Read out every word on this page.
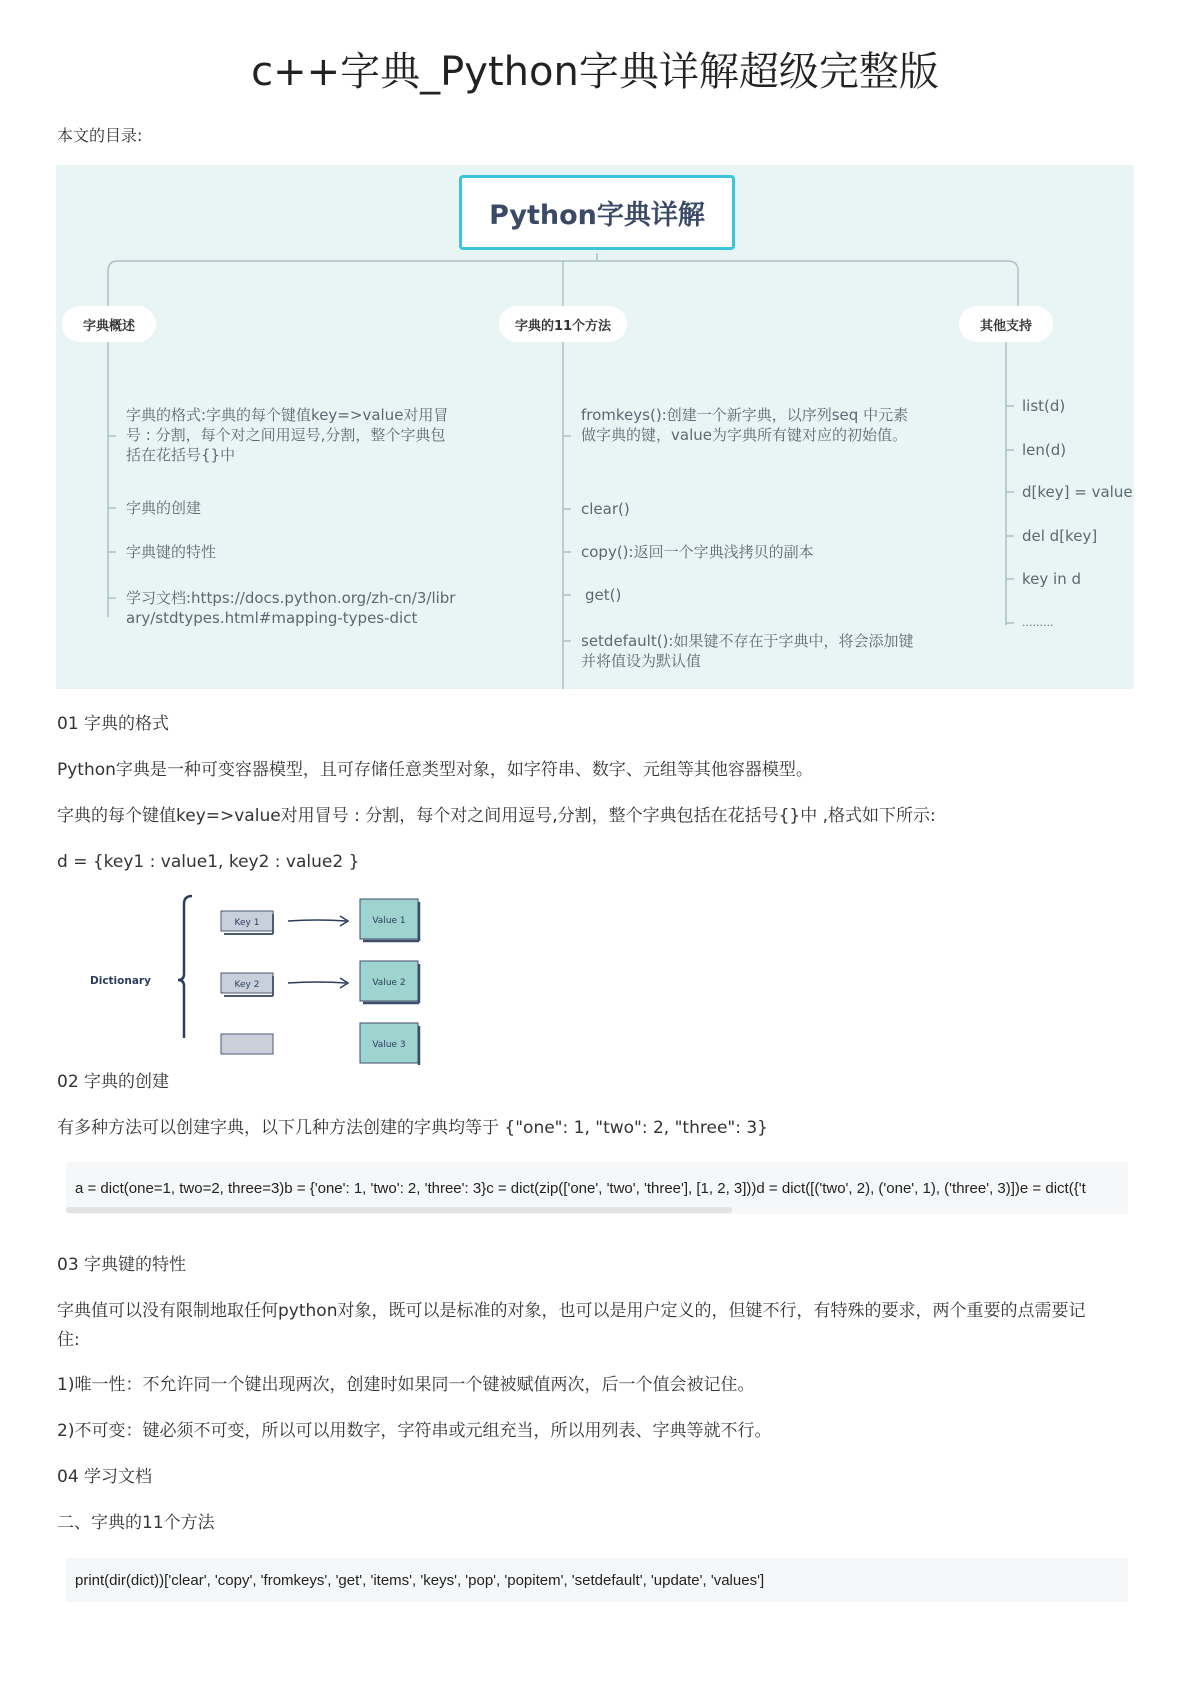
c++字典_Python字典详解超级完整版
本文的目录:
Python字典详解
字典概述	字典的11个方法	其他支持
字典的格式:字典的每个键值key=>value对用冒号 : 分割，每个对之间用逗号,分割，整个字典包括在花括号{}中
字典的创建
字典键的特性
学习文档:https://docs.python.org/zh-cn/3/library/stdtypes.html#mapping-types-dict
fromkeys():创建一个新字典，以序列seq 中元素做字典的键，value为字典所有键对应的初始值。
clear()
copy():返回一个字典浅拷贝的副本
get()
setdefault():如果键不存在于字典中，将会添加键并将值设为默认值
list(d)
len(d)
d[key] = value
del d[key]
key in d
.........
01 字典的格式
Python字典是一种可变容器模型，且可存储任意类型对象，如字符串、数字、元组等其他容器模型。
字典的每个键值key=>value对用冒号 : 分割，每个对之间用逗号,分割，整个字典包括在花括号{}中 ,格式如下所示:
d = {key1 : value1, key2 : value2 }
Dictionary
Key 1
Key 2
Value 1
Value 2
Value 3
02 字典的创建
有多种方法可以创建字典，以下几种方法创建的字典均等于 {"one": 1, "two": 2, "three": 3}
a = dict(one=1, two=2, three=3)b = {'one': 1, 'two': 2, 'three': 3}c = dict(zip(['one', 'two', 'three'], [1, 2, 3]))d = dict([('two', 2), ('one', 1), ('three', 3)])e = dict({'t
03 字典键的特性
字典值可以没有限制地取任何python对象，既可以是标准的对象，也可以是用户定义的，但键不行，有特殊的要求，两个重要的点需要记
住:
1)唯一性：不允许同一个键出现两次，创建时如果同一个键被赋值两次，后一个值会被记住。
2)不可变：键必须不可变，所以可以用数字，字符串或元组充当，所以用列表、字典等就不行。
04 学习文档
二、字典的11个方法
print(dir(dict))['clear', 'copy', 'fromkeys', 'get', 'items', 'keys', 'pop', 'popitem', 'setdefault', 'update', 'values']
